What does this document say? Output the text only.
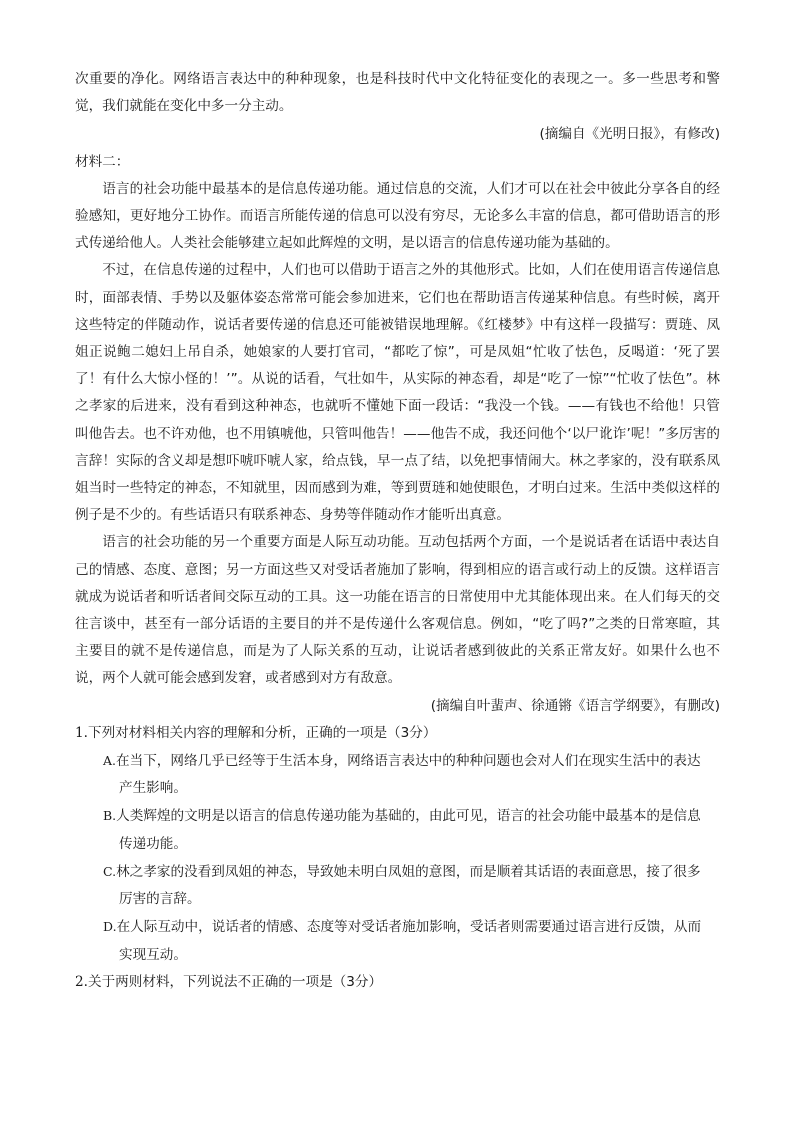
次重要的净化。网络语言表达中的种种现象，也是科技时代中文化特征变化的表现之一。多一些思考和警觉，我们就能在变化中多一分主动。

(摘编自《光明日报》，有修改)

材料二：

语言的社会功能中最基本的是信息传递功能。通过信息的交流，人们才可以在社会中彼此分享各自的经验感知，更好地分工协作。而语言所能传递的信息可以没有穷尽，无论多么丰富的信息，都可借助语言的形式传递给他人。人类社会能够建立起如此辉煌的文明，是以语言的信息传递功能为基础的。

不过，在信息传递的过程中，人们也可以借助于语言之外的其他形式。比如，人们在使用语言传递信息时，面部表情、手势以及躯体姿态常常可能会参加进来，它们也在帮助语言传递某种信息。有些时候，离开这些特定的伴随动作，说话者要传递的信息还可能被错误地理解。《红楼梦》中有这样一段描写：贾琏、凤姐正说鲍二媳妇上吊自杀，她娘家的人要打官司，“都吃了惊”，可是凤姐“忙收了怯色，反喝道：‘死了罢了！有什么大惊小怪的！’”。从说的话看，气壮如牛，从实际的神态看，却是“吃了一惊”“忙收了怯色”。林之孝家的后进来，没有看到这种神态，也就听不懂她下面一段话：“我没一个钱。——有钱也不给他！只管叫他告去。也不许劝他，也不用镇唬他，只管叫他告！——他告不成，我还问他个‘以尸讹诈’呢！”多厉害的言辞！实际的含义却是想吓唬吓唬人家，给点钱，早一点了结，以免把事情闹大。林之孝家的，没有联系凤姐当时一些特定的神态，不知就里，因而感到为难，等到贾琏和她使眼色，才明白过来。生活中类似这样的例子是不少的。有些话语只有联系神态、身势等伴随动作才能听出真意。

语言的社会功能的另一个重要方面是人际互动功能。互动包括两个方面，一个是说话者在话语中表达自己的情感、态度、意图；另一方面这些又对受话者施加了影响，得到相应的语言或行动上的反馈。这样语言就成为说话者和听话者间交际互动的工具。这一功能在语言的日常使用中尤其能体现出来。在人们每天的交往言谈中，甚至有一部分话语的主要目的并不是传递什么客观信息。例如，“吃了吗?”之类的日常寒暄，其主要目的就不是传递信息，而是为了人际关系的互动，让说话者感到彼此的关系正常友好。如果什么也不说，两个人就可能会感到发窘，或者感到对方有敌意。

(摘编自叶蜚声、徐通锵《语言学纲要》，有删改)

1.下列对材料相关内容的理解和分析，正确的一项是（3分）

A.在当下，网络几乎已经等于生活本身，网络语言表达中的种种问题也会对人们在现实生活中的表达
产生影响。

B.人类辉煌的文明是以语言的信息传递功能为基础的，由此可见，语言的社会功能中最基本的是信息
传递功能。

C.林之孝家的没看到凤姐的神态，导致她未明白凤姐的意图，而是顺着其话语的表面意思，接了很多
厉害的言辞。

D.在人际互动中，说话者的情感、态度等对受话者施加影响，受话者则需要通过语言进行反馈，从而
实现互动。

2.关于两则材料，下列说法不正确的一项是（3分）
